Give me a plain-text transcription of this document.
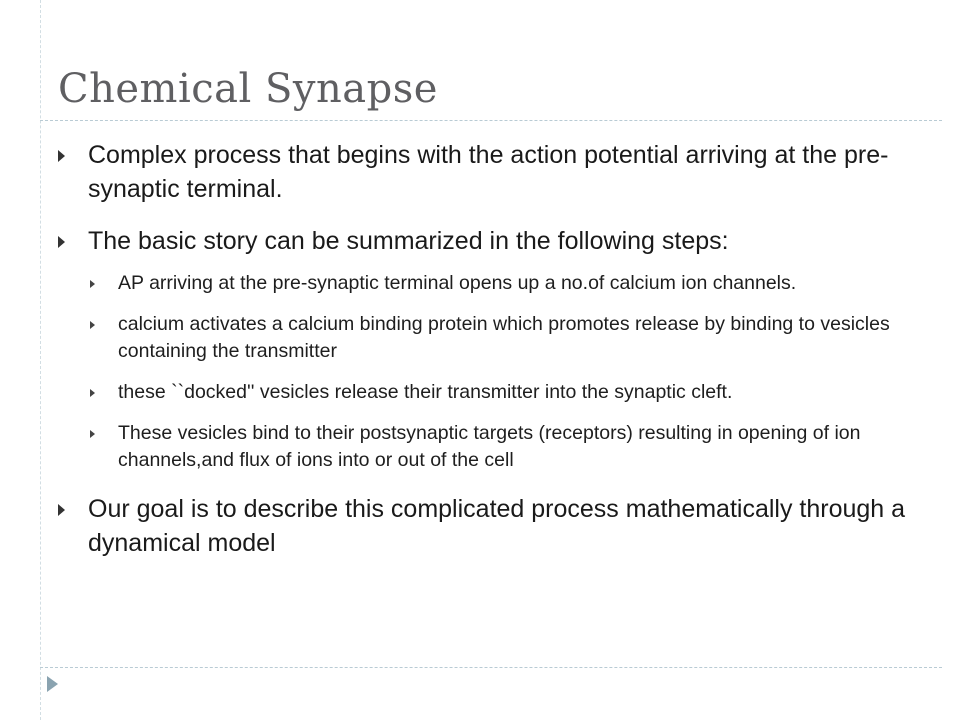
Chemical Synapse
Complex process that begins with the action potential arriving at the pre-synaptic terminal.
The basic story can be summarized in the following steps:
AP arriving at the pre-synaptic terminal opens up a no.of calcium ion channels.
calcium activates a calcium binding protein which promotes release by binding to vesicles containing the transmitter
these ``docked'' vesicles release their transmitter into the synaptic cleft.
These vesicles bind to their postsynaptic targets (receptors) resulting in opening of ion channels,and flux of ions into or out of the cell
Our goal is to describe this complicated process mathematically through a dynamical model
